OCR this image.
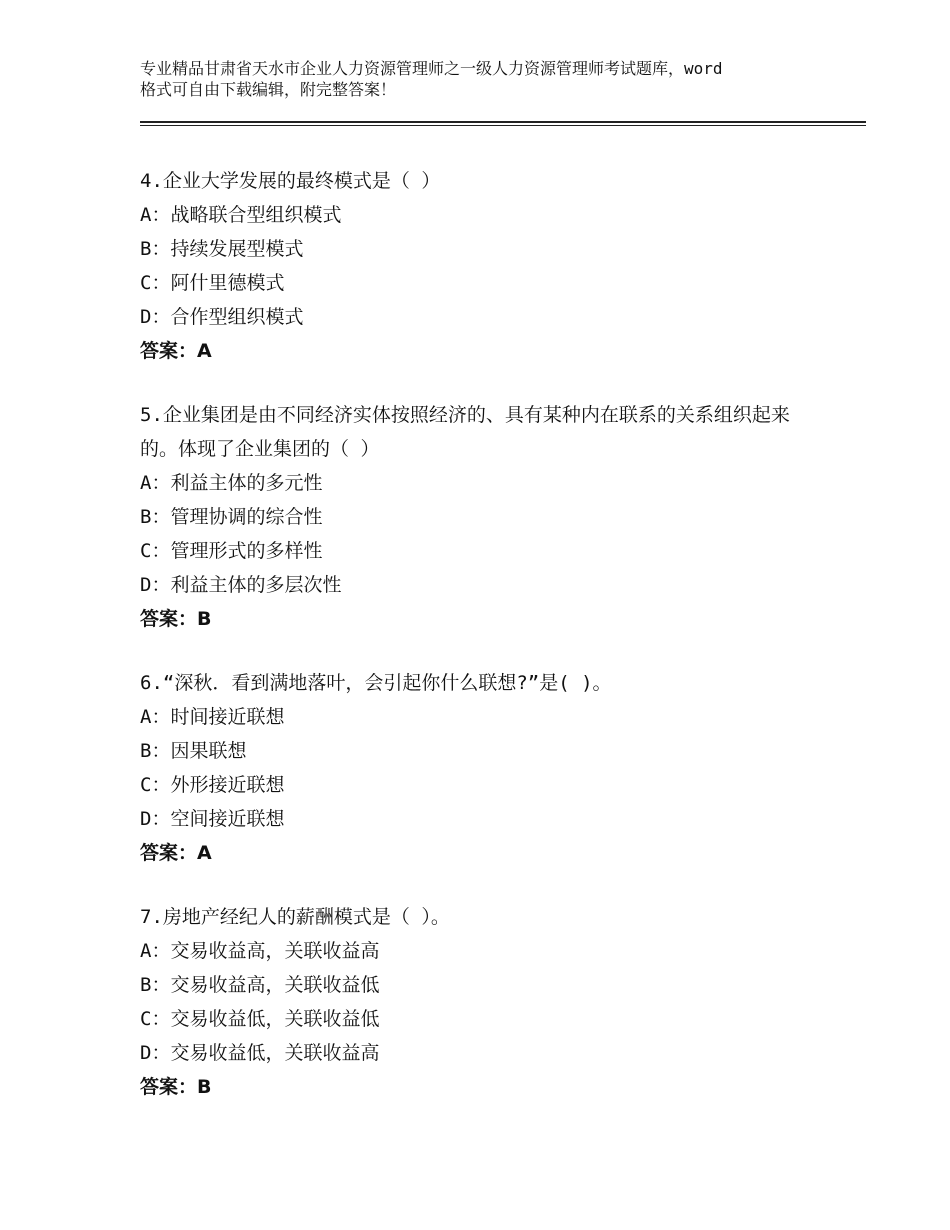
专业精品甘肃省天水市企业人力资源管理师之一级人力资源管理师考试题库，word
格式可自由下载编辑，附完整答案！
4.企业大学发展的最终模式是（ ）
A：战略联合型组织模式
B：持续发展型模式
C：阿什里德模式
D：合作型组织模式
答案：A
5.企业集团是由不同经济实体按照经济的、具有某种内在联系的关系组织起来的。体现了企业集团的（ ）
A：利益主体的多元性
B：管理协调的综合性
C：管理形式的多样性
D：利益主体的多层次性
答案：B
6.“深秋．看到满地落叶，会引起你什么联想?”是( )。
A：时间接近联想
B：因果联想
C：外形接近联想
D：空间接近联想
答案：A
7.房地产经纪人的薪酬模式是（ ）。
A：交易收益高，关联收益高
B：交易收益高，关联收益低
C：交易收益低，关联收益低
D：交易收益低，关联收益高
答案：B
